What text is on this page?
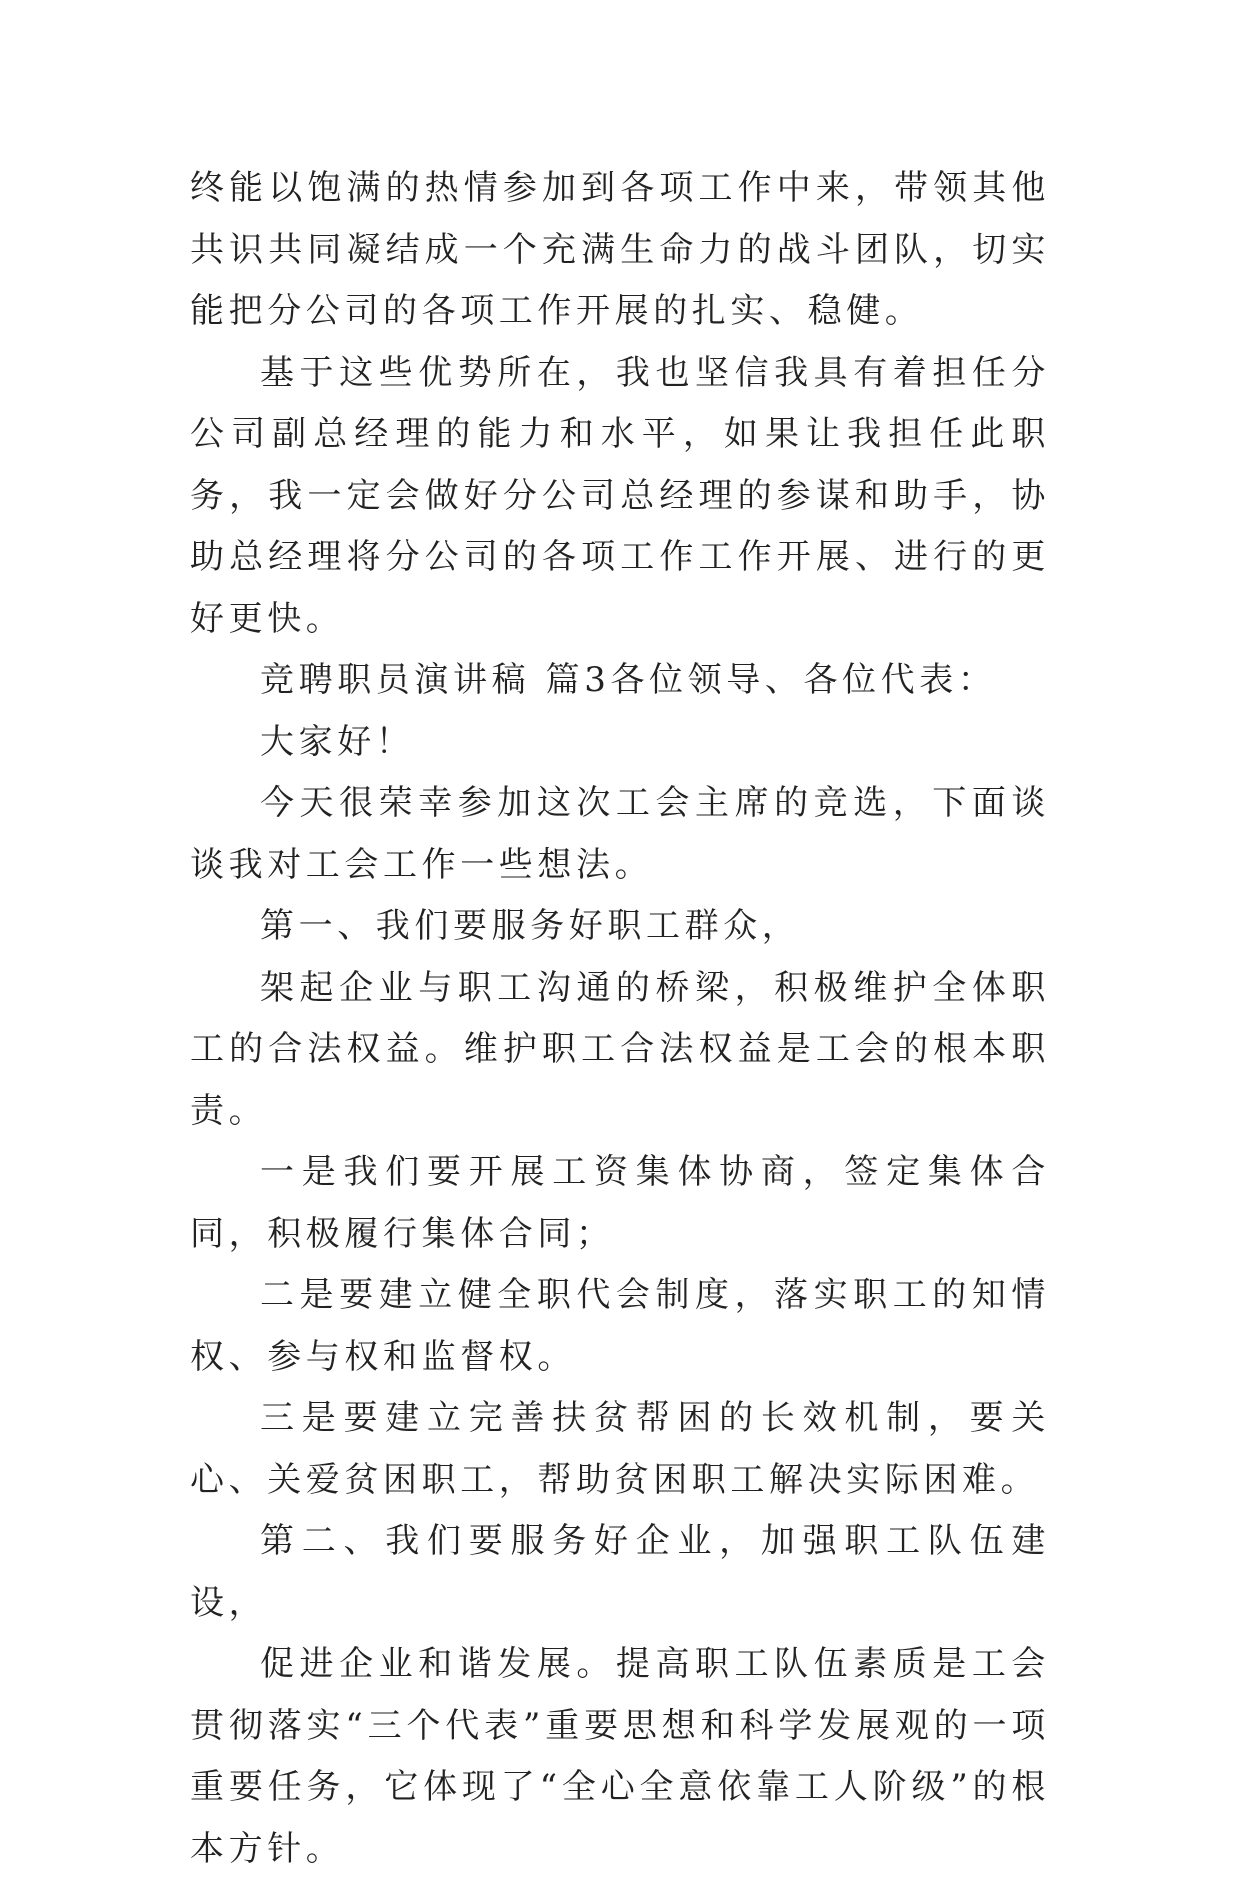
终能以饱满的热情参加到各项工作中来，带领其他共识共同凝结成一个充满生命力的战斗团队，切实能把分公司的各项工作开展的扎实、稳健。

基于这些优势所在，我也坚信我具有着担任分公司副总经理的能力和水平，如果让我担任此职务，我一定会做好分公司总经理的参谋和助手，协助总经理将分公司的各项工作工作开展、进行的更好更快。

竞聘职员演讲稿 篇3各位领导、各位代表：

大家好！

今天很荣幸参加这次工会主席的竞选，下面谈谈我对工会工作一些想法。

第一、我们要服务好职工群众，

架起企业与职工沟通的桥梁，积极维护全体职工的合法权益。维护职工合法权益是工会的根本职责。

一是我们要开展工资集体协商，签定集体合同，积极履行集体合同；

二是要建立健全职代会制度，落实职工的知情权、参与权和监督权。

三是要建立完善扶贫帮困的长效机制，要关心、关爱贫困职工，帮助贫困职工解决实际困难。

第二、我们要服务好企业，加强职工队伍建设，

促进企业和谐发展。提高职工队伍素质是工会贯彻落实“三个代表”重要思想和科学发展观的一项重要任务，它体现了“全心全意依靠工人阶级”的根本方针。
